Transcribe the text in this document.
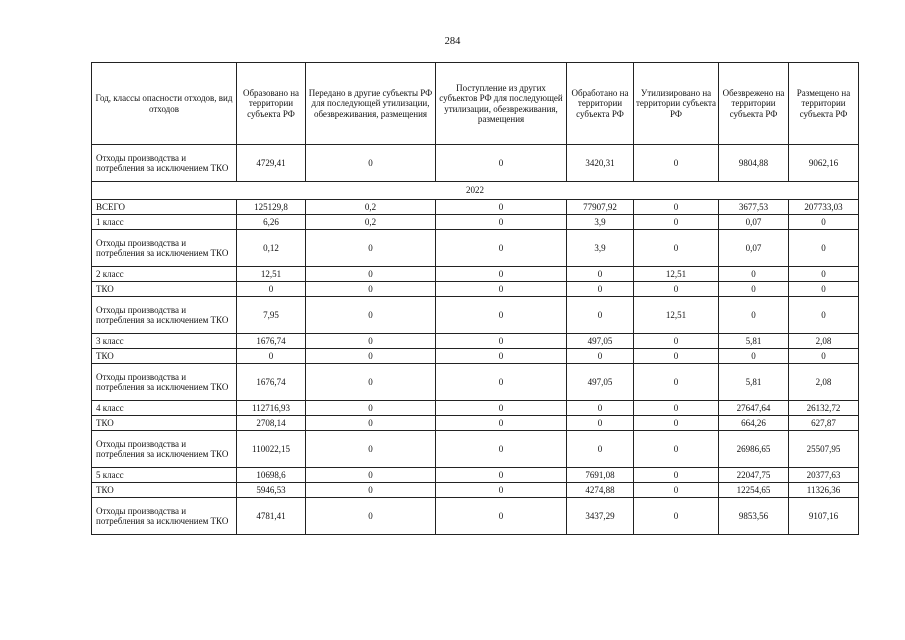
284
Год, классы опасности отходов, вид отходов	Образовано на территории субъекта РФ	Передано в другие субъекты РФ для последующей утилизации, обезвреживания, размещения	Поступление из других субъектов РФ для последующей утилизации, обезвреживания, размещения	Обработано на территории субъекта РФ	Утилизировано на территории субъекта РФ	Обезврежено на территории субъекта РФ	Размещено на территории субъекта РФ
Отходы производства и потребления за исключением ТКО	4729,41	0	0	3420,31	0	9804,88	9062,16
2022							
ВСЕГО	125129,8	0,2	0	77907,92	0	3677,53	207733,03
1 класс	6,26	0,2	0	3,9	0	0,07	0
Отходы производства и потребления за исключением ТКО	0,12	0	0	3,9	0	0,07	0
2 класс	12,51	0	0	0	12,51	0	0
ТКО	0	0	0	0	0	0	0
Отходы производства и потребления за исключением ТКО	7,95	0	0	0	12,51	0	0
3 класс	1676,74	0	0	497,05	0	5,81	2,08
ТКО	0	0	0	0	0	0	0
Отходы производства и потребления за исключением ТКО	1676,74	0	0	497,05	0	5,81	2,08
4 класс	112716,93	0	0	0	0	27647,64	26132,72
ТКО	2708,14	0	0	0	0	664,26	627,87
Отходы производства и потребления за исключением ТКО	110022,15	0	0	0	0	26986,65	25507,95
5 класс	10698,6	0	0	7691,08	0	22047,75	20377,63
ТКО	5946,53	0	0	4274,88	0	12254,65	11326,36
Отходы производства и потребления за исключением ТКО	4781,41	0	0	3437,29	0	9853,56	9107,16
